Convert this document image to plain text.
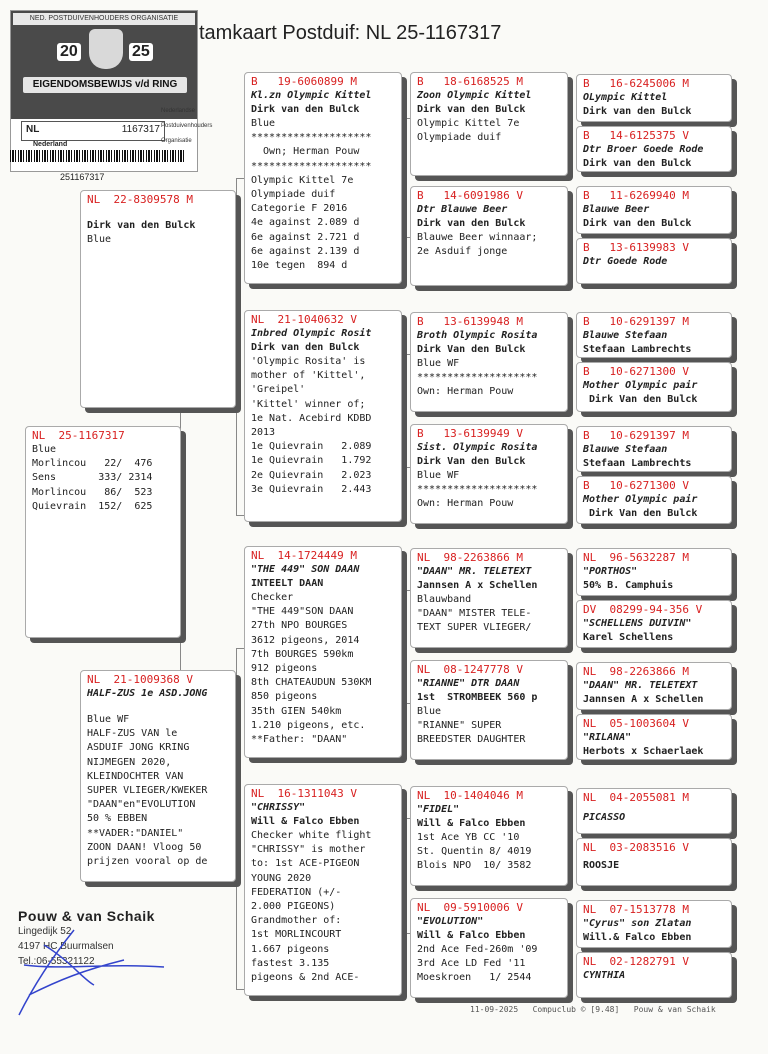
NED. POSTDUIVENHOUDERS ORGANISATIE
20	25
EIGENDOMSBEWIJS v/d RING
NL	1167317
Nederlandse
Postduivenhouders
Organisatie
Nederland
251167317
tamkaart Postduif: NL 25-1167317
NL  25-1167317
Blue
Morlincou   22/  476
Sens       333/ 2314
Morlincou   86/  523
Quievrain  152/  625
NL  22-8309578 M
Dirk van den Bulck
Blue
NL  21-1009368 V
HALF-ZUS 1e ASD.JONG
Blue WF
HALF-ZUS VAN le
ASDUIF JONG KRING
NIJMEGEN 2020,
KLEINDOCHTER VAN
SUPER VLIEGER/KWEKER
"DAAN"en"EVOLUTION
50 % EBBEN
**VADER:"DANIEL"
ZOON DAAN! Vloog 50
prijzen vooral op de
B   19-6060899 M
Kl.zn Olympic Kittel
Dirk van den Bulck
Blue
********************
Own; Herman Pouw
********************
Olympic Kittel 7e
Olympiade duif
Categorie F 2016
4e against 2.089 d
6e against 2.721 d
6e against 2.139 d
10e tegen  894 d
NL  21-1040632 V
Inbred Olympic Rosit
Dirk van den Bulck
'Olympic Rosita' is
mother of 'Kittel',
'Greipel'
'Kittel' winner of;
1e Nat. Acebird KDBD
2013
1e Quievrain   2.089
1e Quievrain   1.792
2e Quievrain   2.023
3e Quievrain   2.443
NL  14-1724449 M
"THE 449" SON DAAN
INTEELT DAAN
Checker
"THE 449"SON DAAN
27th NPO BOURGES
3612 pigeons, 2014
7th BOURGES 590km
912 pigeons
8th CHATEAUDUN 530KM
850 pigeons
35th GIEN 540km
1.210 pigeons, etc.
**Father: "DAAN"
NL  16-1311043 V
"CHRISSY"
Will & Falco Ebben
Checker white flight
"CHRISSY" is mother
to: 1st ACE-PIGEON
YOUNG 2020
FEDERATION (+/-
2.000 PIGEONS)
Grandmother of:
1st MORLINCOURT
1.667 pigeons
fastest 3.135
pigeons & 2nd ACE-
B   18-6168525 M
Zoon Olympic Kittel
Dirk van den Bulck
Olympic Kittel 7e
Olympiade duif
B   14-6091986 V
Dtr Blauwe Beer
Dirk van den Bulck
Blauwe Beer winnaar;
2e Asduif jonge
B   13-6139948 M
Broth Olympic Rosita
Dirk Van den Bulck
Blue WF
********************
Own: Herman Pouw
B   13-6139949 V
Sist. Olympic Rosita
Dirk Van den Bulck
Blue WF
********************
Own: Herman Pouw
NL  98-2263866 M
"DAAN" MR. TELETEXT
Jannsen A x Schellen
Blauwband
"DAAN" MISTER TELE-
TEXT SUPER VLIEGER/
NL  08-1247778 V
"RIANNE" DTR DAAN
1st  STROMBEEK 560 p
Blue
"RIANNE" SUPER
BREEDSTER DAUGHTER
NL  10-1404046 M
"FIDEL"
Will & Falco Ebben
1st Ace YB CC '10
St. Quentin 8/ 4019
Blois NPO  10/ 3582
NL  09-5910006 V
"EVOLUTION"
Will & Falco Ebben
2nd Ace Fed-260m '09
3rd Ace LD Fed '11
Moeskroen   1/ 2544
B   16-6245006 M
OLympic Kittel
Dirk van den Bulck
B   14-6125375 V
Dtr Broer Goede Rode
Dirk van den Bulck
B   11-6269940 M
Blauwe Beer
Dirk van den Bulck
B   13-6139983 V
Dtr Goede Rode
B   10-6291397 M
Blauwe Stefaan
Stefaan Lambrechts
B   10-6271300 V
Mother Olympic pair
Dirk Van den Bulck
B   10-6291397 M
Blauwe Stefaan
Stefaan Lambrechts
B   10-6271300 V
Mother Olympic pair
Dirk Van den Bulck
NL  96-5632287 M
"PORTHOS"
50% B. Camphuis
DV  08299-94-356 V
"SCHELLENS DUIVIN"
Karel Schellens
NL  98-2263866 M
"DAAN" MR. TELETEXT
Jannsen A x Schellen
NL  05-1003604 V
"RILANA"
Herbots x Schaerlaek
NL  04-2055081 M
PICASSO
NL  03-2083516 V
ROOSJE
NL  07-1513778 M
"Cyrus" son Zlatan
Will.& Falco Ebben
NL  02-1282791 V
CYNTHIA
Pouw & van Schaik
Lingedijk 52
4197 HC Buurmalsen
Tel.:06-55321122
11-09-2025   Compuclub © [9.48]   Pouw & van Schaik
